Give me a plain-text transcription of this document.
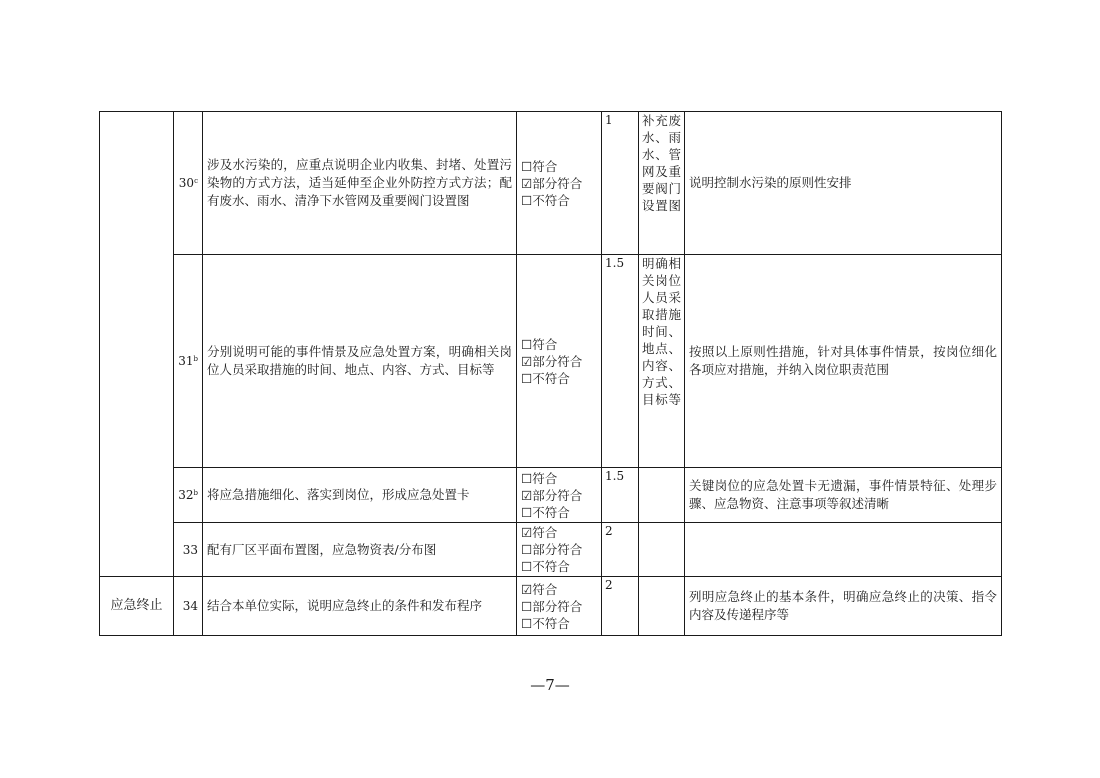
	30$^c$	涉及水污染的，应重点说明企业内收集、封堵、处置污染物的方式方法，适当延伸至企业外防控方式方法；配有废水、雨水、清净下水管网及重要阀门设置图	☐符合
☑部分符合
☐不符合	1	补充废水、雨水、管网及重要阀门设置图	说明控制水污染的原则性安排
	31$^b$	分别说明可能的事件情景及应急处置方案，明确相关岗位人员采取措施的时间、地点、内容、方式、目标等	☐符合
☑部分符合
☐不符合	1.5	明确相关岗位人员采取措施时间、地点、内容、方式、目标等	按照以上原则性措施，针对具体事件情景，按岗位细化各项应对措施，并纳入岗位职责范围
	32$^b$	将应急措施细化、落实到岗位，形成应急处置卡	☐符合
☑部分符合
☐不符合	1.5		关键岗位的应急处置卡无遗漏，事件情景特征、处理步骤、应急物资、注意事项等叙述清晰
	33	配有厂区平面布置图，应急物资表/分布图	☑符合
☐部分符合
☐不符合	2		
应急终止	34	结合本单位实际，说明应急终止的条件和发布程序	☑符合
☐部分符合
☐不符合	2		列明应急终止的基本条件，明确应急终止的决策、指令内容及传递程序等
—7—
